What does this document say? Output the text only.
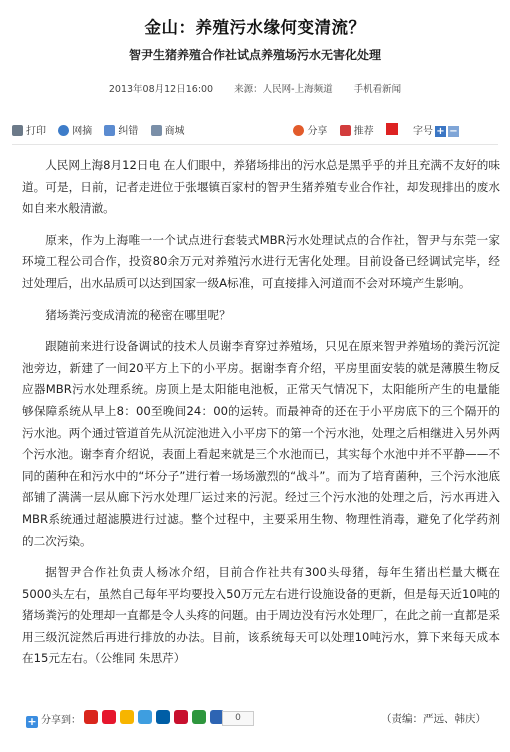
金山：养殖污水缘何变清流？
智尹生猪养殖合作社试点养殖场污水无害化处理
2013年08月12日16:00 来源：人民网-上海频道 手机看新闻
打印	网摘	纠错	商城	分享	推荐	字号 + −

人民网上海8月12日电 在人们眼中，养猪场排出的污水总是黑乎乎的并且充满不友好的味道。可是，日前，记者走进位于张堰镇百家村的智尹生猪养殖专业合作社，却发现排出的废水如自来水般清澈。

原来，作为上海唯一一个试点进行套装式MBR污水处理试点的合作社，智尹与东莞一家环境工程公司合作，投资80余万元对养殖污水进行无害化处理。目前设备已经调试完毕，经过处理后，出水品质可以达到国家一级A标准，可直接排入河道而不会对环境产生影响。

猪场粪污变成清流的秘密在哪里呢？

跟随前来进行设备调试的技术人员谢李育穿过养殖场，只见在原来智尹养殖场的粪污沉淀池旁边，新建了一间20平方上下的小平房。据谢李育介绍，平房里面安装的就是薄膜生物反应器MBR污水处理系统。房顶上是太阳能电池板，正常天气情况下，太阳能所产生的电量能够保障系统从早上8：00至晚间24：00的运转。而最神奇的还在于小平房底下的三个隔开的污水池。两个通过管道首先从沉淀池进入小平房下的第一个污水池，处理之后相继进入另外两个污水池。谢李育介绍说，表面上看起来就是三个水池而已，其实每个水池中并不平静——不同的菌种在和污水中的“坏分子”进行着一场场激烈的“战斗”。而为了培育菌种，三个污水池底部铺了满满一层从廊下污水处理厂运过来的污泥。经过三个污水池的处理之后，污水再进入MBR系统通过超滤膜进行过滤。整个过程中，主要采用生物、物理性消毒，避免了化学药剂的二次污染。

据智尹合作社负责人杨冰介绍，目前合作社共有300头母猪，每年生猪出栏量大概在5000头左右，虽然自己每年平均要投入50万元左右进行设施设备的更新，但是每天近10吨的猪场粪污的处理却一直都是令人头疼的问题。由于周边没有污水处理厂，在此之前一直都是采用三级沉淀然后再进行排放的办法。目前，该系统每天可以处理10吨污水，算下来每天成本在15元左右。（公维同 朱思芹）

+ 分享到：	0	（责编：严远、韩庆）
